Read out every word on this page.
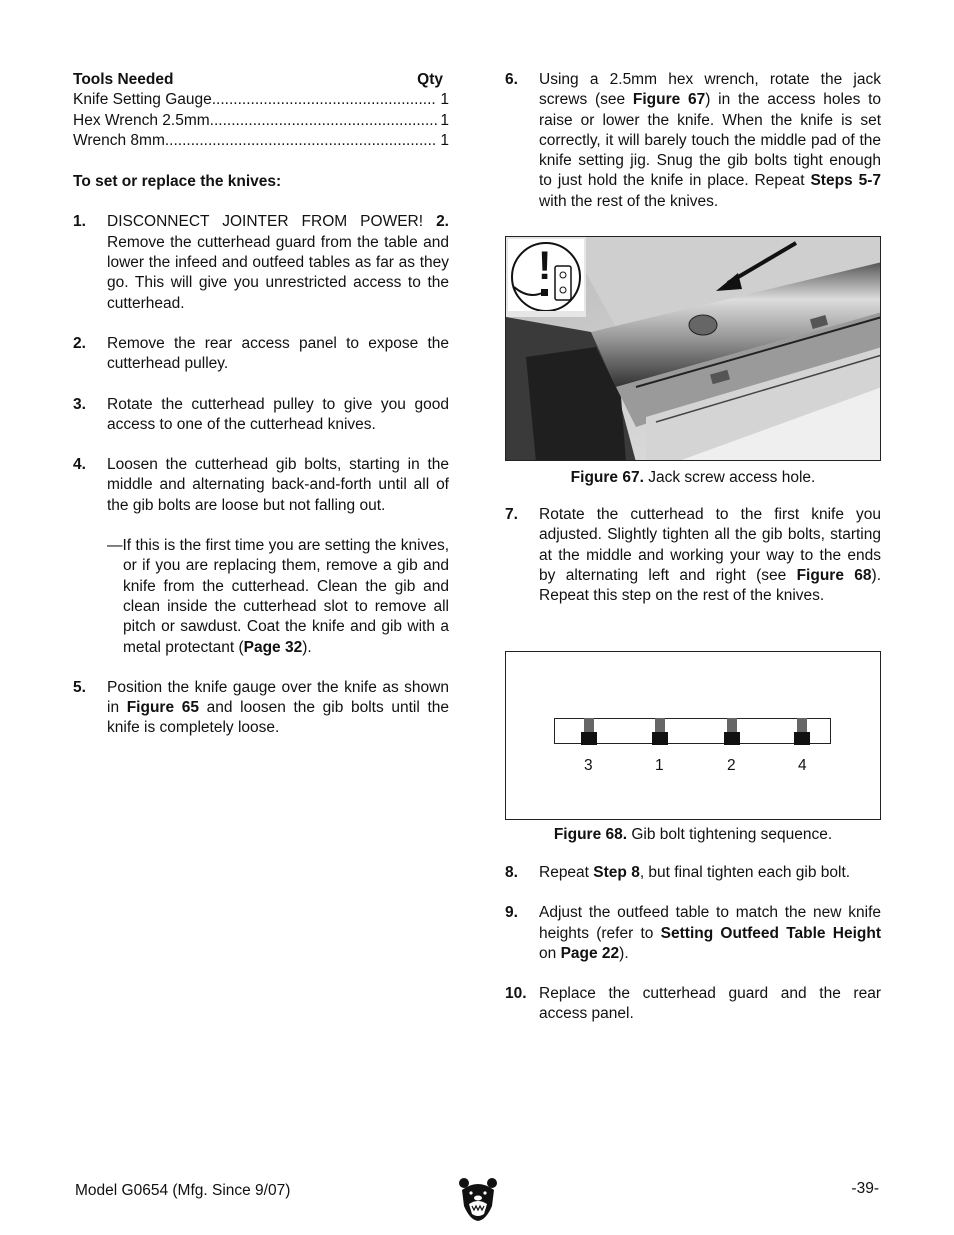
Tools Needed	Qty
Knife Setting Gauge .....	1
Hex Wrench 2.5mm .....	1
Wrench 8mm .....	1
To set or replace the knives:
1.	DISCONNECT JOINTER FROM POWER! 2. Remove the cutterhead guard from the table and lower the infeed and outfeed tables as far as they go. This will give you unrestricted access to the cutterhead.
2.	Remove the rear access panel to expose the cutterhead pulley.
3.	Rotate the cutterhead pulley to give you good access to one of the cutterhead knives.
4.	Loosen the cutterhead gib bolts, starting in the middle and alternating back-and-forth until all of the gib bolts are loose but not falling out.
—If this is the first time you are setting the knives, or if you are replacing them, remove a gib and knife from the cutterhead. Clean the gib and clean inside the cutterhead slot to remove all pitch or sawdust. Coat the knife and gib with a metal protectant (Page 32).
5.	Position the knife gauge over the knife as shown in Figure 65 and loosen the gib bolts until the knife is completely loose.
6.	Using a 2.5mm hex wrench, rotate the jack screws (see Figure 67) in the access holes to raise or lower the knife. When the knife is set correctly, it will barely touch the middle pad of the knife setting jig. Snug the gib bolts tight enough to just hold the knife in place. Repeat Steps 5-7 with the rest of the knives.
!
Figure 67. Jack screw access hole.
7.	Rotate the cutterhead to the first knife you adjusted. Slightly tighten all the gib bolts, starting at the middle and working your way to the ends by alternating left and right (see Figure 68). Repeat this step on the rest of the knives.
3	1	2	4
Figure 68. Gib bolt tightening sequence.
8.	Repeat Step 8, but final tighten each gib bolt.
9.	Adjust the outfeed table to match the new knife heights (refer to Setting Outfeed Table Height on Page 22).
10. Replace the cutterhead guard and the rear access panel.
Model G0654 (Mfg. Since 9/07)	-39-
